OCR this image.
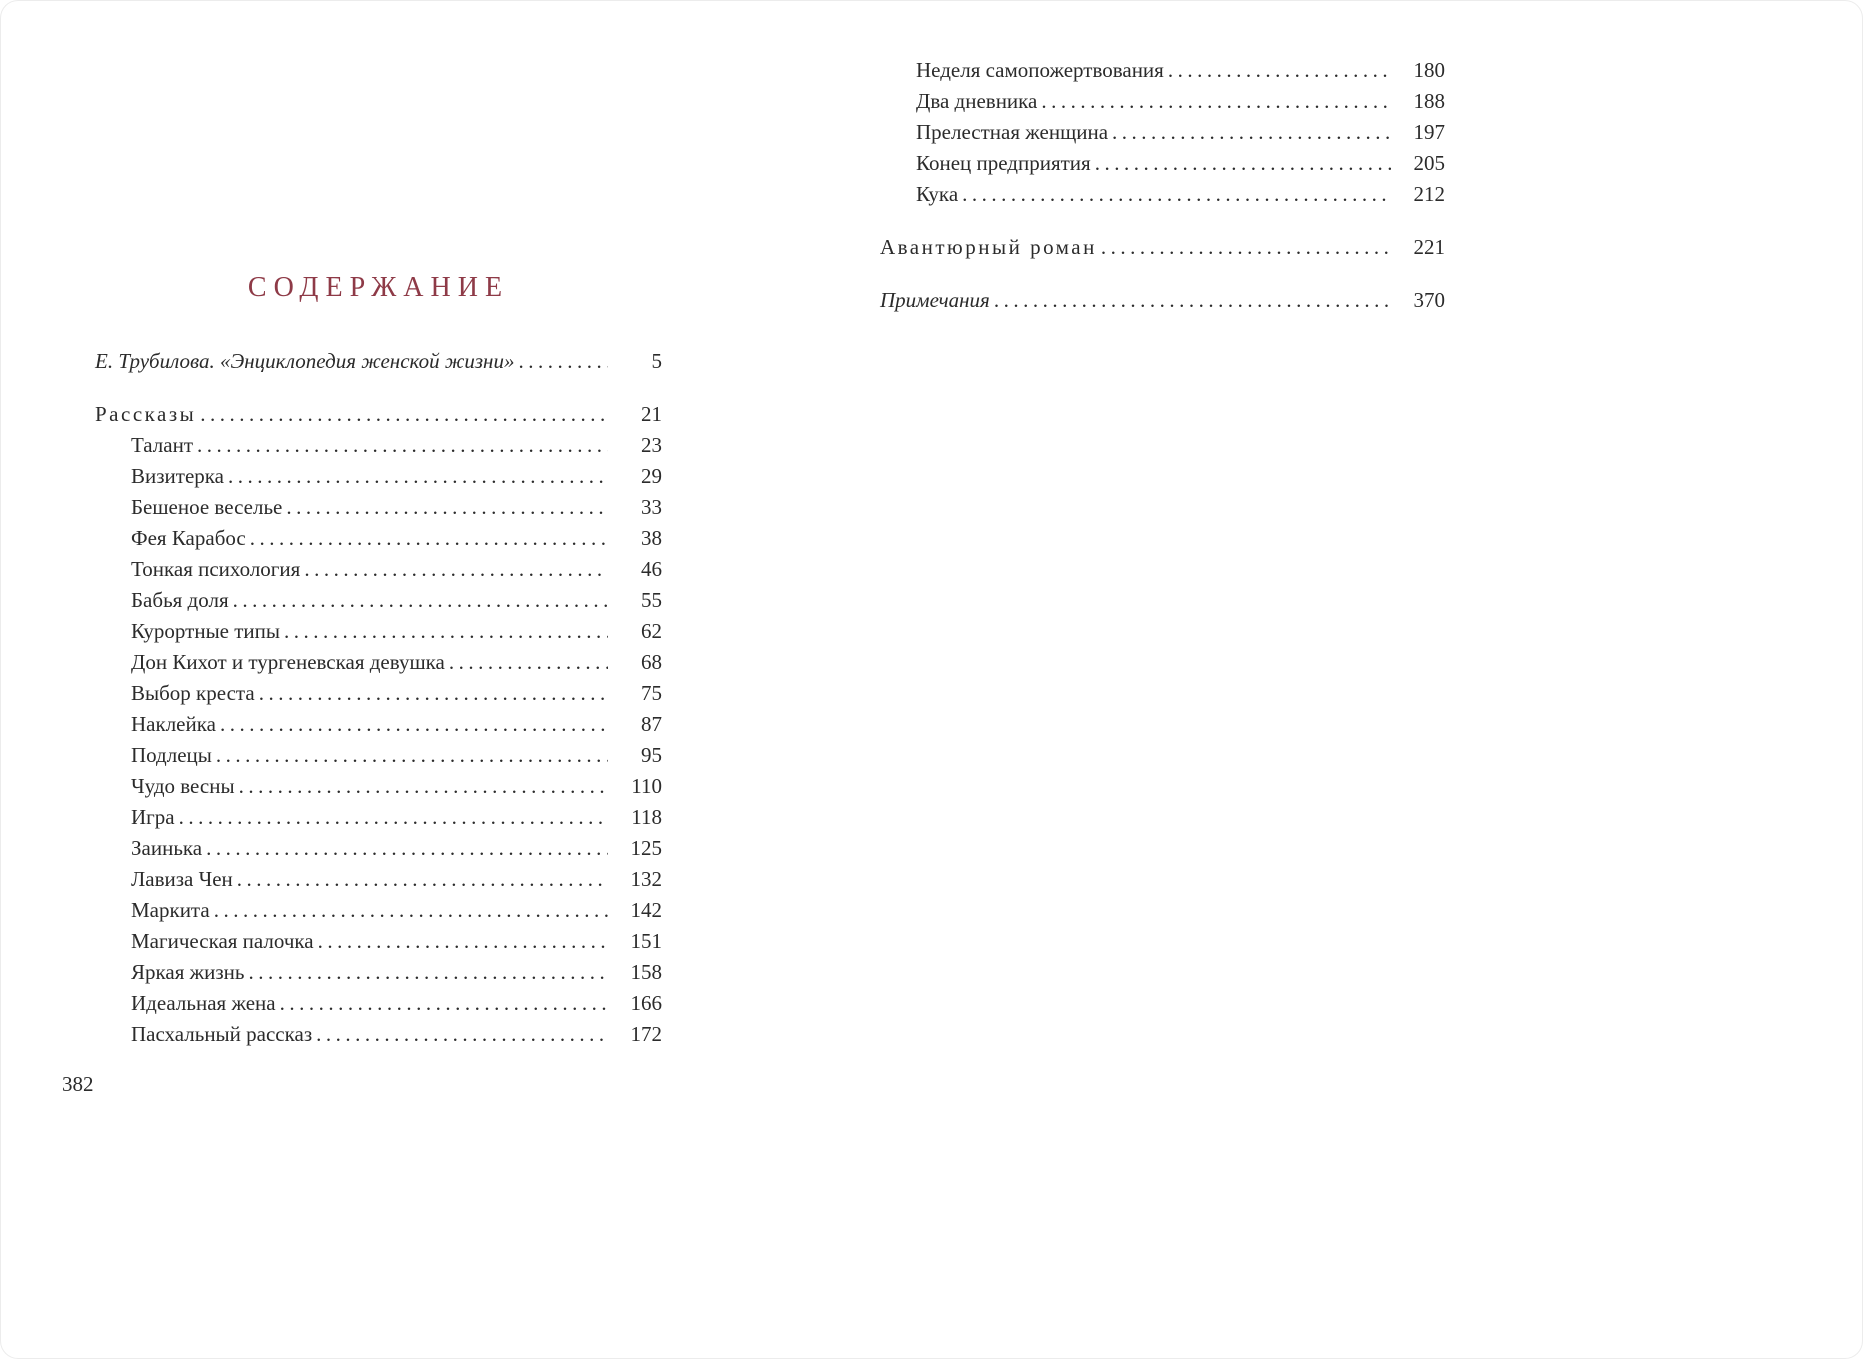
СОДЕРЖАНИЕ
Е. Трубилова. «Энциклопедия женской жизни» .....	5
Рассказы .....	21
Талант .....	23
Визитерка .....	29
Бешеное веселье .....	33
Фея Карабос .....	38
Тонкая психология .....	46
Бабья доля .....	55
Курортные типы .....	62
Дон Кихот и тургеневская девушка .....	68
Выбор креста .....	75
Наклейка .....	87
Подлецы .....	95
Чудо весны .....	110
Игра .....	118
Заинька .....	125
Лавиза Чен .....	132
Маркита .....	142
Магическая палочка .....	151
Яркая жизнь .....	158
Идеальная жена .....	166
Пасхальный рассказ .....	172
Неделя самопожертвования .....	180
Два дневника .....	188
Прелестная женщина .....	197
Конец предприятия .....	205
Кука .....	212
Авантюрный роман .....	221
Примечания .....	370
382
